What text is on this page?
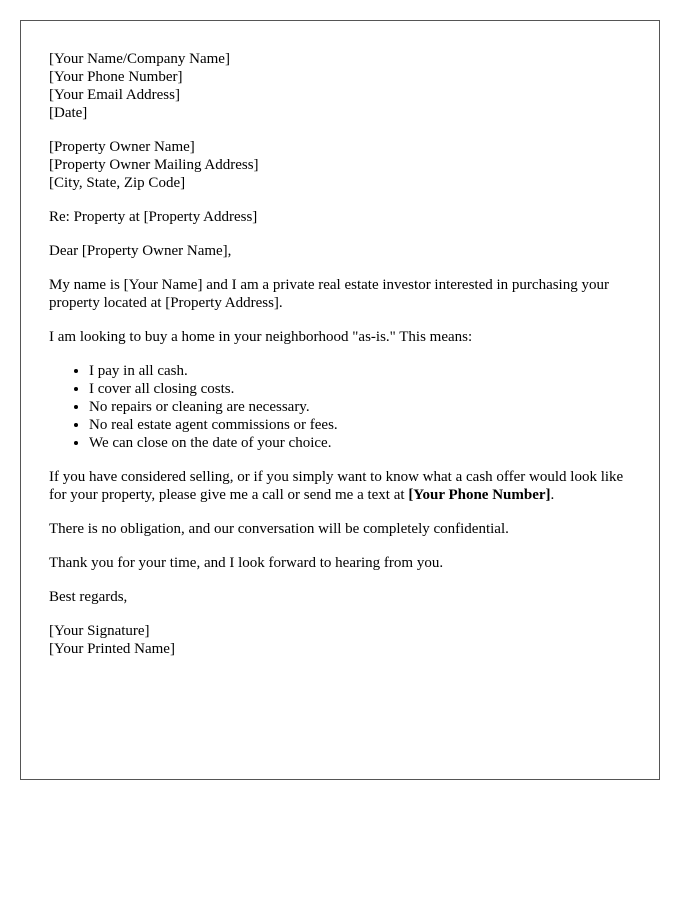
[Your Name/Company Name]

[Your Phone Number]

[Your Email Address]

[Date]

[Property Owner Name]

[Property Owner Mailing Address]

[City, State, Zip Code]

Re: Property at [Property Address]

Dear [Property Owner Name],

My name is [Your Name] and I am a private real estate investor interested in purchasing your property located at [Property Address].

I am looking to buy a home in your neighborhood "as-is." This means:

• I pay in all cash.
• I cover all closing costs.
• No repairs or cleaning are necessary.
• No real estate agent commissions or fees.
• We can close on the date of your choice.

If you have considered selling, or if you simply want to know what a cash offer would look like for your property, please give me a call or send me a text at [Your Phone Number].

There is no obligation, and our conversation will be completely confidential.

Thank you for your time, and I look forward to hearing from you.

Best regards,

[Your Signature]

[Your Printed Name]
